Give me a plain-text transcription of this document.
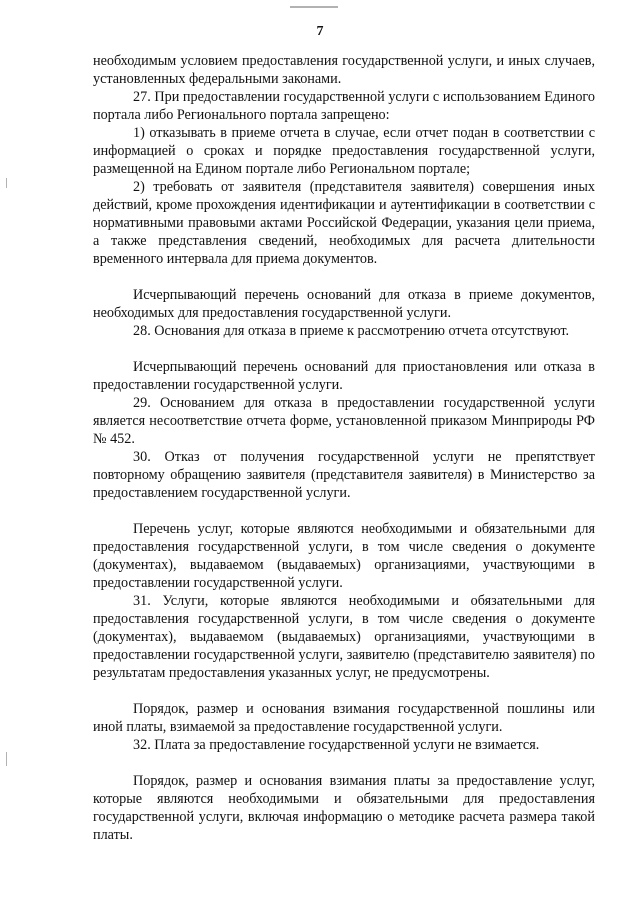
7

необходимым условием предоставления государственной услуги, и иных случаев, установленных федеральными законами.

27. При предоставлении государственной услуги с использованием Единого портала либо Регионального портала запрещено:

1) отказывать в приеме отчета в случае, если отчет подан в соответствии с информацией о сроках и порядке предоставления государственной услуги, размещенной на Едином портале либо Региональном портале;

2) требовать от заявителя (представителя заявителя) совершения иных действий, кроме прохождения идентификации и аутентификации в соответствии с нормативными правовыми актами Российской Федерации, указания цели приема, а также представления сведений, необходимых для расчета длительности временного интервала для приема документов.

Исчерпывающий перечень оснований для отказа в приеме документов, необходимых для предоставления государственной услуги.

28. Основания для отказа в приеме к рассмотрению отчета отсутствуют.

Исчерпывающий перечень оснований для приостановления или отказа в предоставлении государственной услуги.

29. Основанием для отказа в предоставлении государственной услуги является несоответствие отчета форме, установленной приказом Минприроды РФ № 452.

30. Отказ от получения государственной услуги не препятствует повторному обращению заявителя (представителя заявителя) в Министерство за предоставлением государственной услуги.

Перечень услуг, которые являются необходимыми и обязательными для предоставления государственной услуги, в том числе сведения о документе (документах), выдаваемом (выдаваемых) организациями, участвующими в предоставлении государственной услуги.

31. Услуги, которые являются необходимыми и обязательными для предоставления государственной услуги, в том числе сведения о документе (документах), выдаваемом (выдаваемых) организациями, участвующими в предоставлении государственной услуги, заявителю (представителю заявителя) по результатам предоставления указанных услуг, не предусмотрены.

Порядок, размер и основания взимания государственной пошлины или иной платы, взимаемой за предоставление государственной услуги.

32. Плата за предоставление государственной услуги не взимается.

Порядок, размер и основания взимания платы за предоставление услуг, которые являются необходимыми и обязательными для предоставления государственной услуги, включая информацию о методике расчета размера такой платы.
